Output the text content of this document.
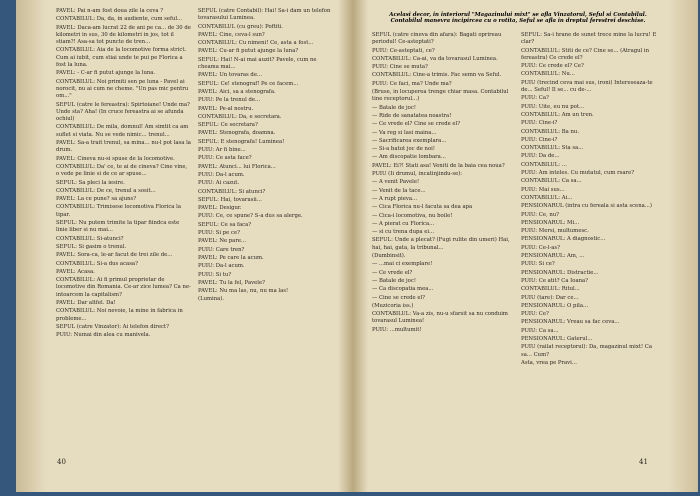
PAVEL: Pai n-am fost doua zile la ceva ?

CONTABILUL: Da, da, in audiente, cum seful...

PAVEL: Daca-am lucrat 22 de ani pe ca... de 30 de kilometri in sus, 30 de kilometri in jos, tot il stiam?! Asa-sa tot puncte de tren...

CONTABILUL: Aia de la locomotive forma strict. Cum ai iubit, cum stiai unde te pui pe Florica a fost la luna.

PAVEL: - C-ar fi putut ajunge la luna.

CONTABILUL: Noi primiti sen pe luna - Pavel ai norocit, nu ai cum ne cheme. "Un pas mic pentru om..."

SEFUL (catre le fereastra): Spirtoiane! Unde ma? Unde sta? Aha! (In cruce fereastra ai se afunda ochiul)

CONTABILUL: De mila, domnul! Am simtit ca am suflet si viata. Nu se vede nimic... trenul...

PAVEL: Sa-a trait trenul, sa mina... nu-l pot lasa la drum.

PAVEL: Cineva nu-si spuse de la locomotive.

CONTABILUL: Da' ce, te ai de cineva? Cine vine, o vede pe linie si de ce ar spuse...

SEFUL: Sa pleci la iesire.

CONTABILUL: De ce, trenul a sosit...

PAVEL: La ce pune? sa ajuns?

CONTABILUL: Trimisese locomotiva Florica la tipar.

SEFUL: Nu putem trimite la tipar fiindca este linie liber si nu mai...

CONTABILUL: Si-atunci?

SEFUL: Si gasim o trenul.

PAVEL: Sora-ca, le-ar facut de trei zile de...

CONTABILUL: Si-a dus acasa?

PAVEL: Acasa.

CONTABILUL: Ai fi primul proprietar de locomotive din Romania. Ce-ar zice lumea? Ca ne-intoarcem la capitalism?

PAVEL: Dar altfel. Da!

CONTABILUL: Noi nevoie, la mine in fabrica in probleme...

SEFUL (catre Vinzator): Ai telefon direct?

PUIU: Numai din alea cu manivela.

SEFUL (catre Contabil): Hai! Sa-i dam un telefon tovarasului Luminea.

CONTABILUL (cu greu): Poftiti.

PAVEL: Cine, ceva-l sun?

CONTABILUL: Cu nimeni! Ce, asta a fost...

PAVEL: Cu-ar fi putut ajunge la luna?

SEFUL: Hai! N-ai mai auzit? Pavele, cum ne cheama mai...

PAVEL: Un tovaras de...

SEFUL: Ce! stenograf! Pe ce facem...

PAVEL: Aici, sa a stenografa.

PUIU: Pe la trenul de...

PAVEL: Pe-al nostru.

CONTABILUL: Da, e secretara.

SEFUL: Ce secretara?

PAVEL: Stenografa, doamna.

SEFUL: E stenografa! Luminea!

PUIU: Ar fi bine...

PUIU: Ce asta face?

PAVEL: Atunci... lui Florica...

PUIU: Da-l acum.

PUIU: Ai cazut.

CONTABILUL: Si atunci?

SEFUL: Hai, tovarasii...

PAVEL: Desigur.

PUIU: Ce, ce spune? S-a dus sa alerge.

SEFUL: Ce sa faca?

PUIU: Si pe ce?

PAVEL: Ne pare...

PUIU: Care tren?

PAVEL: Pe care la acum.

PUIU: Da-l acum.

PUIU: Si tu?

PAVEL: Tu la fel, Pavele?

PAVEL: Nu ma las, nu, nu ma las!

(Lumina).

Acelasi decor, in interiorul "Magazinului mixt" se afla Vinzatorul, Seful si Contabilul. Contabilul manevra incipircea cu o rotita, Seful se afla in dreptul ferestrei deschise.

SEFUL (catre cineva din afara): Bagati oprireau periodul! Ce-asteptati?

PUIU: Ce-asteptati, ce?

CONTABILUL: Ca-ai, va da tovarasul Luminea.

PUIU: Cine se muta?

CONTABILUL: Cine-a trimis. Fac semn va Seful.

PUIU: Ce faci, ma? Unde ma?

(Bruse, in locuperea trenge chiar masa. Contabilul tine receptorul...)

— Batale de joc!

— Ride de sanatatea noastra!

— Ce vrede el? Cine se crede el?

— Va reg si lasi maina...

— Sacrificarea exemplara...

— Si-a batut joc de noi!

— Am discopatie lombara...

PAVEL: Ei?! Stati asa! Veniti de la baia cea noua?

PUIU (Ii drumul, incatinjindu-se):

— A venit Pavele!

— Venit de la tace...

— A rupt pieva...

— Cica Florica nu-l facuta sa dea apa

— Cica-i locomotiva, nu boile!

— A pierat cu Florica...

— si cu trena dupa ei...

SEFUL: Unde a plecat? (Fugi rulite din umeri) Hai, hai, hai, gata, la tribunal...

(Dumbinsit).

— ...mai ci exemplare!

— Ce vrede el?

— Batale de joc!

— Ca discopatia mea...

— Cine se crede el?

(Muzicoria iss.)

CONTABILUL: Va-a zis, nu-u sfarsit sa nu conduim tovarasul Luminea!

PUIU: ...multumit!

SEFUL: Sa-i hrane de sunet trece mine la lucru! E clar?

CONTABILUL: Stiti de ce? Cine se... (Atragul in fereastra) Ce crede el?

PUIU: Ce crede el? Ce?

CONTABILUL: Nu...

PUIU (trecind ceva mai sus, ironi) Intereseaza-te de... Seful! Il se... cu de-...

PUIU: Ca?

PUIU: Uite, eu nu pot...

CONTABILUL: Am un tren.

PUIU: Cine-i?

CONTABILUL: Ba nu.

PUIU: Cine-i?

CONTABILUL: Sta sa...

PUIU: Da de...

CONTABILUL: ...

PUIU: Am inteles. Cu mutatul, cum rsare?

CONTABILUL: Ca sa...

PUIU: Mai sus...

CONTABILUL: Ai...

PENSIONARUL (intra cu fereala si asta scena...)

PUIU: Ce, nu?

PENSIONARUL: Mi...

PUIU: Mersi, multumesc.

PENSIONARUL: A diagnostic...

PUIU: Ce-l-as?

PENSIONARUL: Am, ...

PUIU: Si ce?

PENSIONARUL: Distractie...

PUIU: Ce atit? Ca Ioana?

CONTABILUL: Ritul...

PUIU (tare): Dar ce...

PENSIONARUL: O pila...

PUIU: Ce?

PENSIONARUL: Vreau sa fac ceva...

PUIU: Ca sa...

PENSIONARUL: Gaterul...

PUIU (railat receptorul): Da, magazinul mixt! Ca sa... Cum?

Asta, vrea pe Pravi...

40	41
